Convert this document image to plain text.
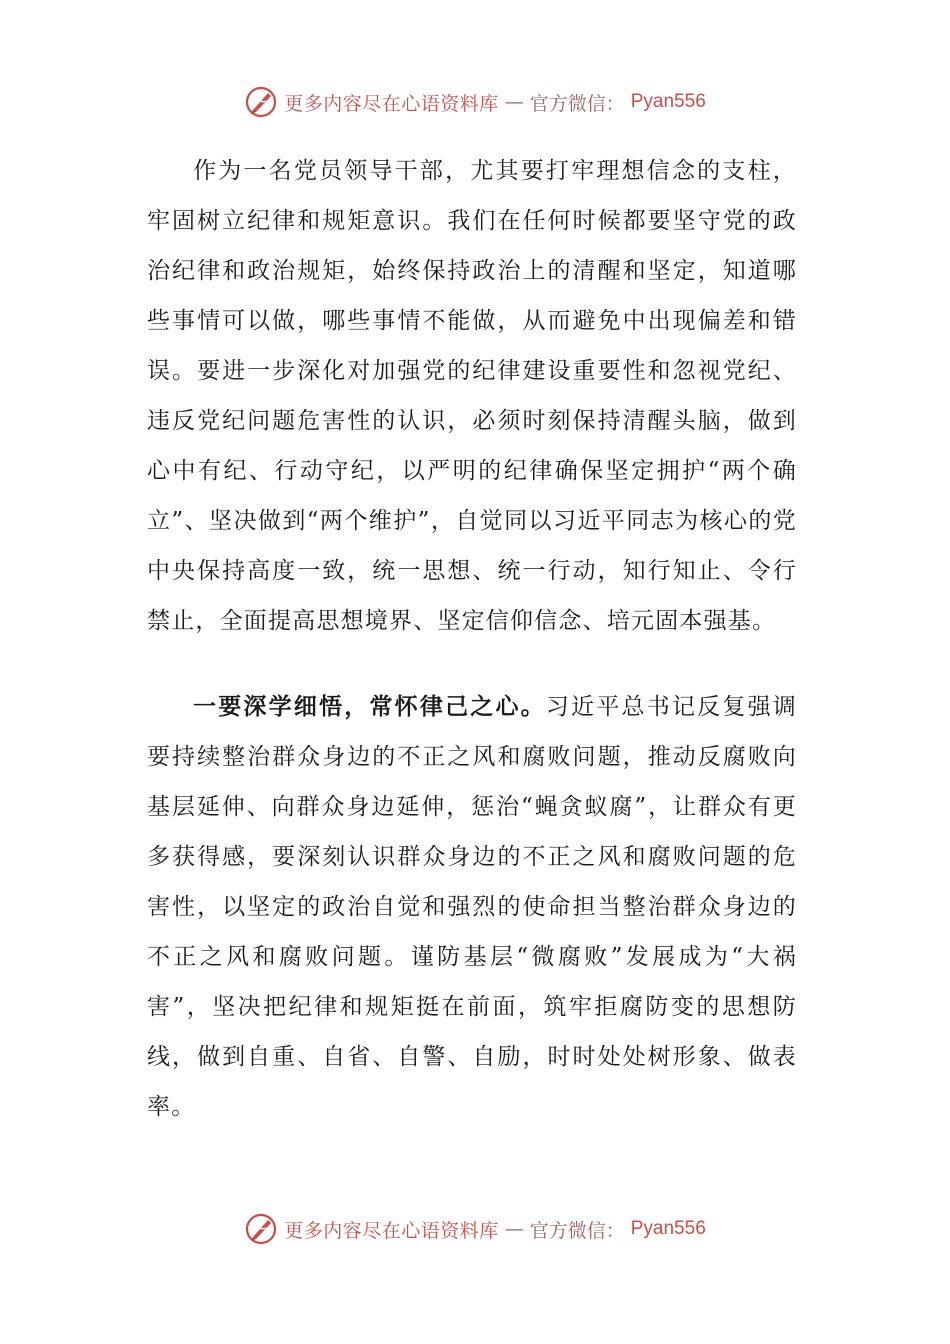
更多内容尽在心语资料库 — 官方微信： Pyan556

作为一名党员领导干部，尤其要打牢理想信念的支柱，牢固树立纪律和规矩意识。我们在任何时候都要坚守党的政治纪律和政治规矩，始终保持政治上的清醒和坚定，知道哪些事情可以做，哪些事情不能做，从而避免中出现偏差和错误。要进一步深化对加强党的纪律建设重要性和忽视党纪、违反党纪问题危害性的认识，必须时刻保持清醒头脑，做到心中有纪、行动守纪，以严明的纪律确保坚定拥护“两个确立”、坚决做到“两个维护”，自觉同以习近平同志为核心的党中央保持高度一致，统一思想、统一行动，知行知止、令行禁止，全面提高思想境界、坚定信仰信念、培元固本强基。

一要深学细悟，常怀律己之心。习近平总书记反复强调要持续整治群众身边的不正之风和腐败问题，推动反腐败向基层延伸、向群众身边延伸，惩治“蝇贪蚁腐”，让群众有更多获得感，要深刻认识群众身边的不正之风和腐败问题的危害性，以坚定的政治自觉和强烈的使命担当整治群众身边的不正之风和腐败问题。谨防基层“微腐败”发展成为“大祸害”，坚决把纪律和规矩挺在前面，筑牢拒腐防变的思想防线，做到自重、自省、自警、自励，时时处处树形象、做表率。

更多内容尽在心语资料库 — 官方微信： Pyan556
